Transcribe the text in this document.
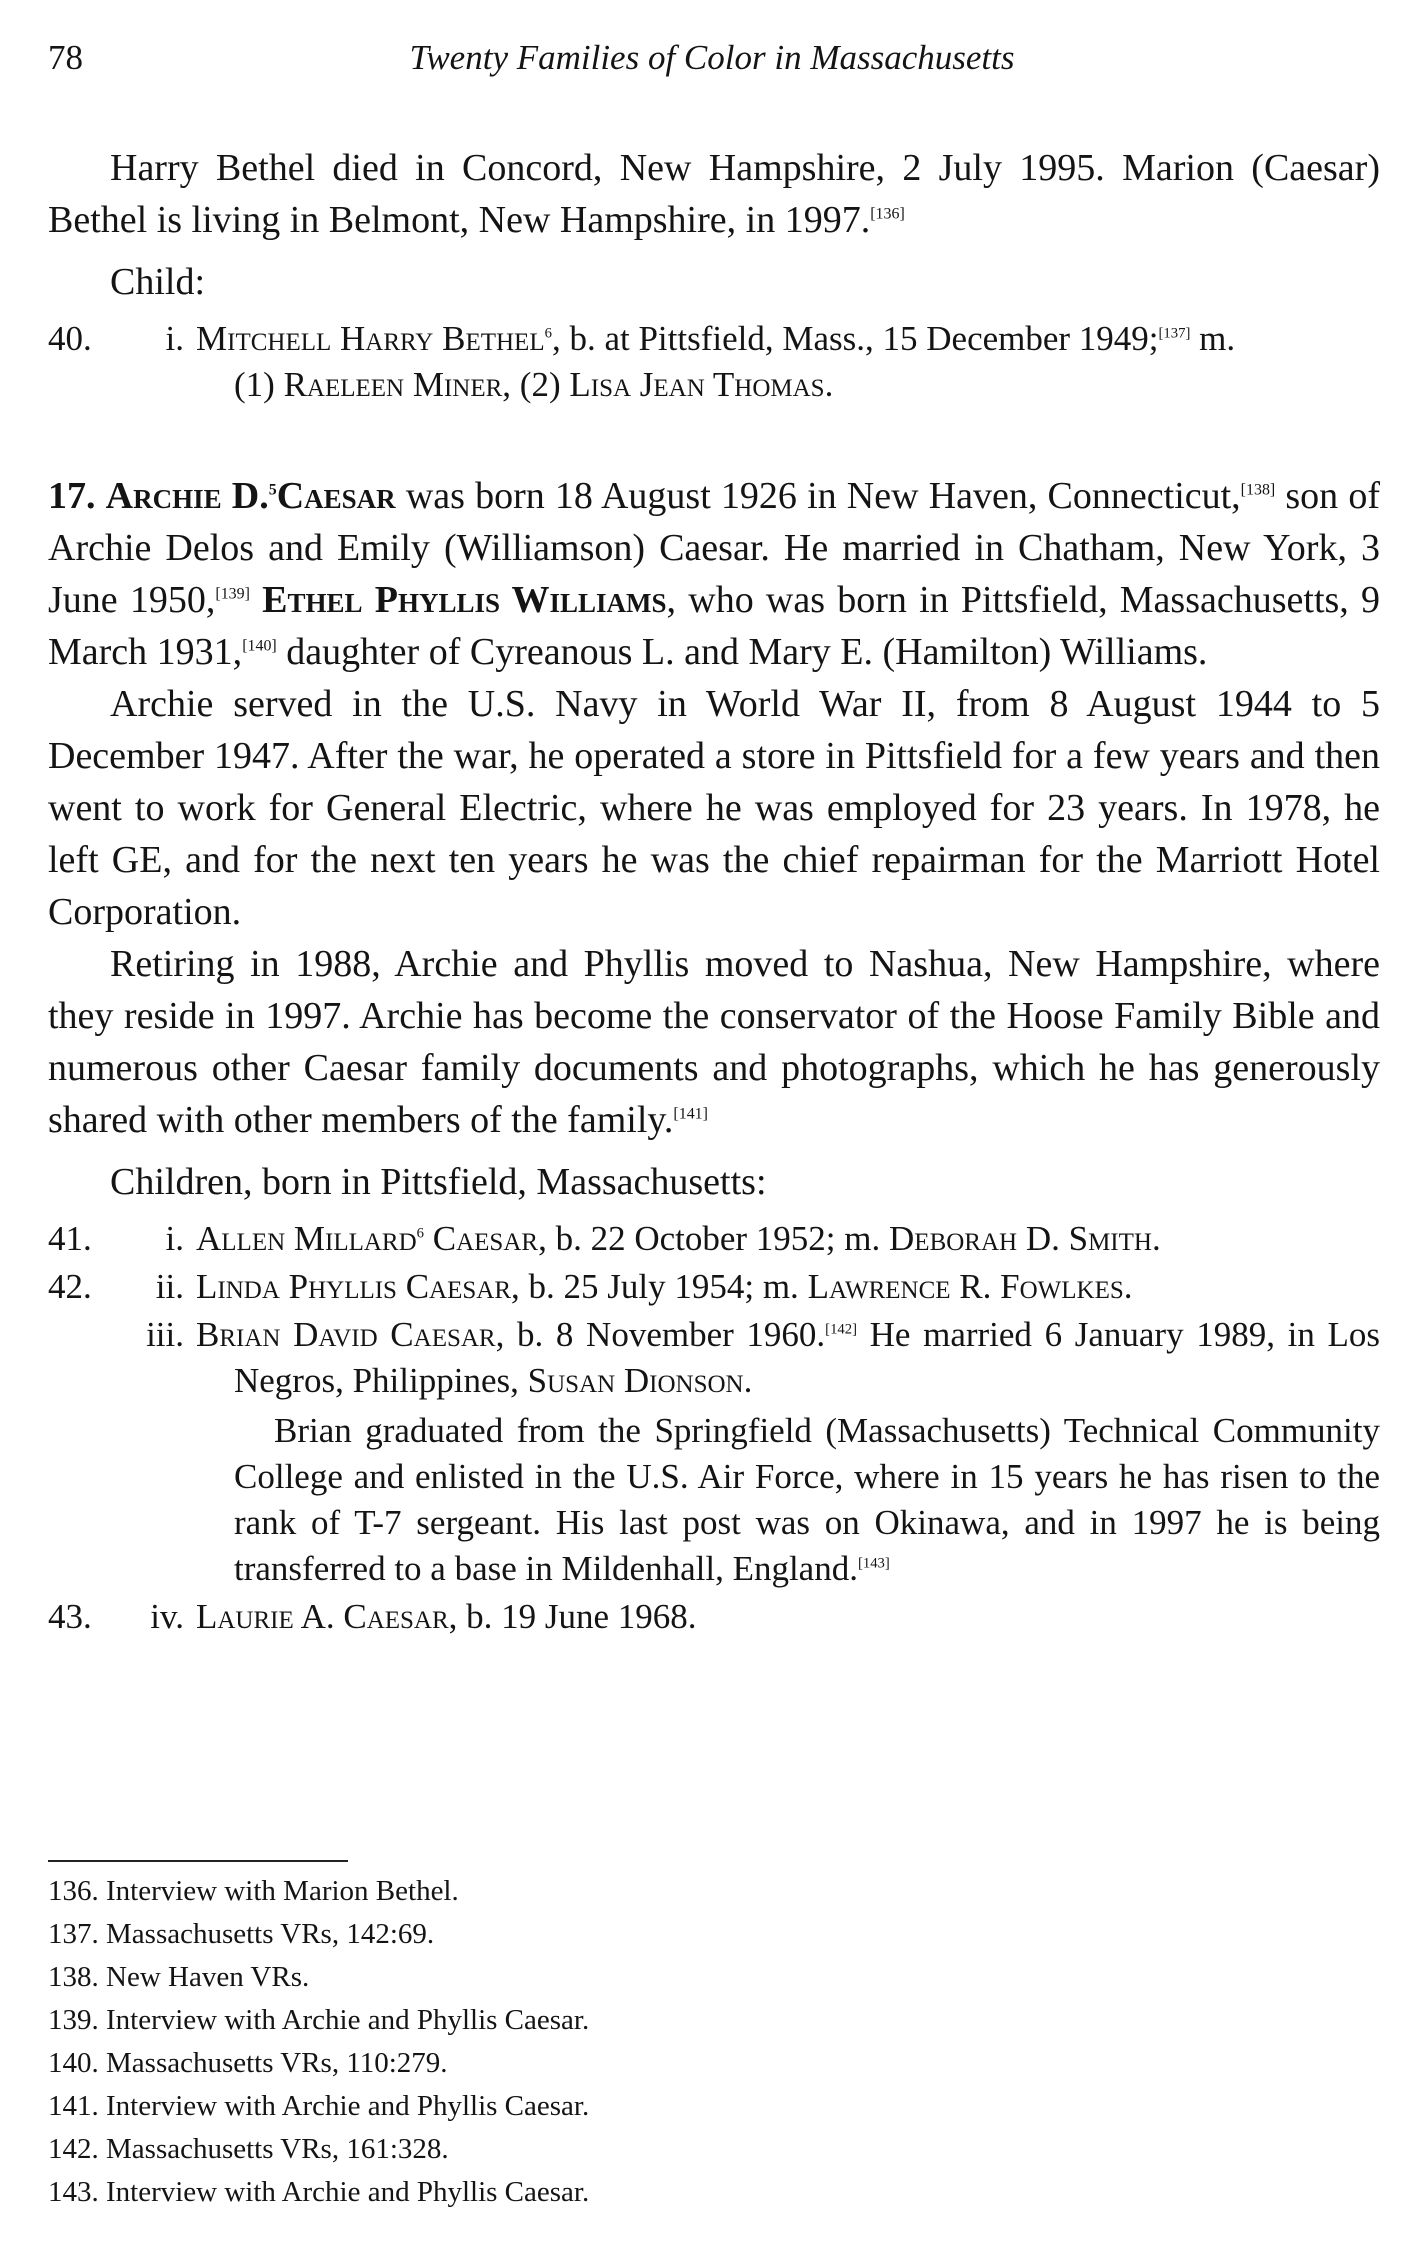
78	Twenty Families of Color in Massachusetts

Harry Bethel died in Concord, New Hampshire, 2 July 1995. Marion (Caesar) Bethel is living in Belmont, New Hampshire, in 1997.[136]

Child:
40.	i. Mitchell Harry Bethel$^6$, b. at Pittsfield, Mass., 15 December 1949;[137] m.
(1) Raeleen Miner, (2) Lisa Jean Thomas.

17. Archie D.$^5$Caesar was born 18 August 1926 in New Haven, Connecticut,[138] son of Archie Delos and Emily (Williamson) Caesar. He married in Chatham, New York, 3 June 1950,[139] Ethel Phyllis Williams, who was born in Pittsfield, Massachusetts, 9 March 1931,[140] daughter of Cyreanous L. and Mary E. (Hamilton) Williams.

Archie served in the U.S. Navy in World War II, from 8 August 1944 to 5 December 1947. After the war, he operated a store in Pittsfield for a few years and then went to work for General Electric, where he was employed for 23 years. In 1978, he left GE, and for the next ten years he was the chief repairman for the Marriott Hotel Corporation.

Retiring in 1988, Archie and Phyllis moved to Nashua, New Hampshire, where they reside in 1997. Archie has become the conservator of the Hoose Family Bible and numerous other Caesar family documents and photographs, which he has generously shared with other members of the family.[141]

Children, born in Pittsfield, Massachusetts:
41.	i. Allen Millard$^6$ Caesar, b. 22 October 1952; m. Deborah D. Smith.
42.	ii. Linda Phyllis Caesar, b. 25 July 1954; m. Lawrence R. Fowlkes.
iii. Brian David Caesar, b. 8 November 1960.[142] He married 6 January 1989, in Los Negros, Philippines, Susan Dionson.
Brian graduated from the Springfield (Massachusetts) Technical Community College and enlisted in the U.S. Air Force, where in 15 years he has risen to the rank of T-7 sergeant. His last post was on Okinawa, and in 1997 he is being transferred to a base in Mildenhall, England.[143]
43.	iv. Laurie A. Caesar, b. 19 June 1968.
136. Interview with Marion Bethel.
137. Massachusetts VRs, 142:69.
138. New Haven VRs.
139. Interview with Archie and Phyllis Caesar.
140. Massachusetts VRs, 110:279.
141. Interview with Archie and Phyllis Caesar.
142. Massachusetts VRs, 161:328.
143. Interview with Archie and Phyllis Caesar.
